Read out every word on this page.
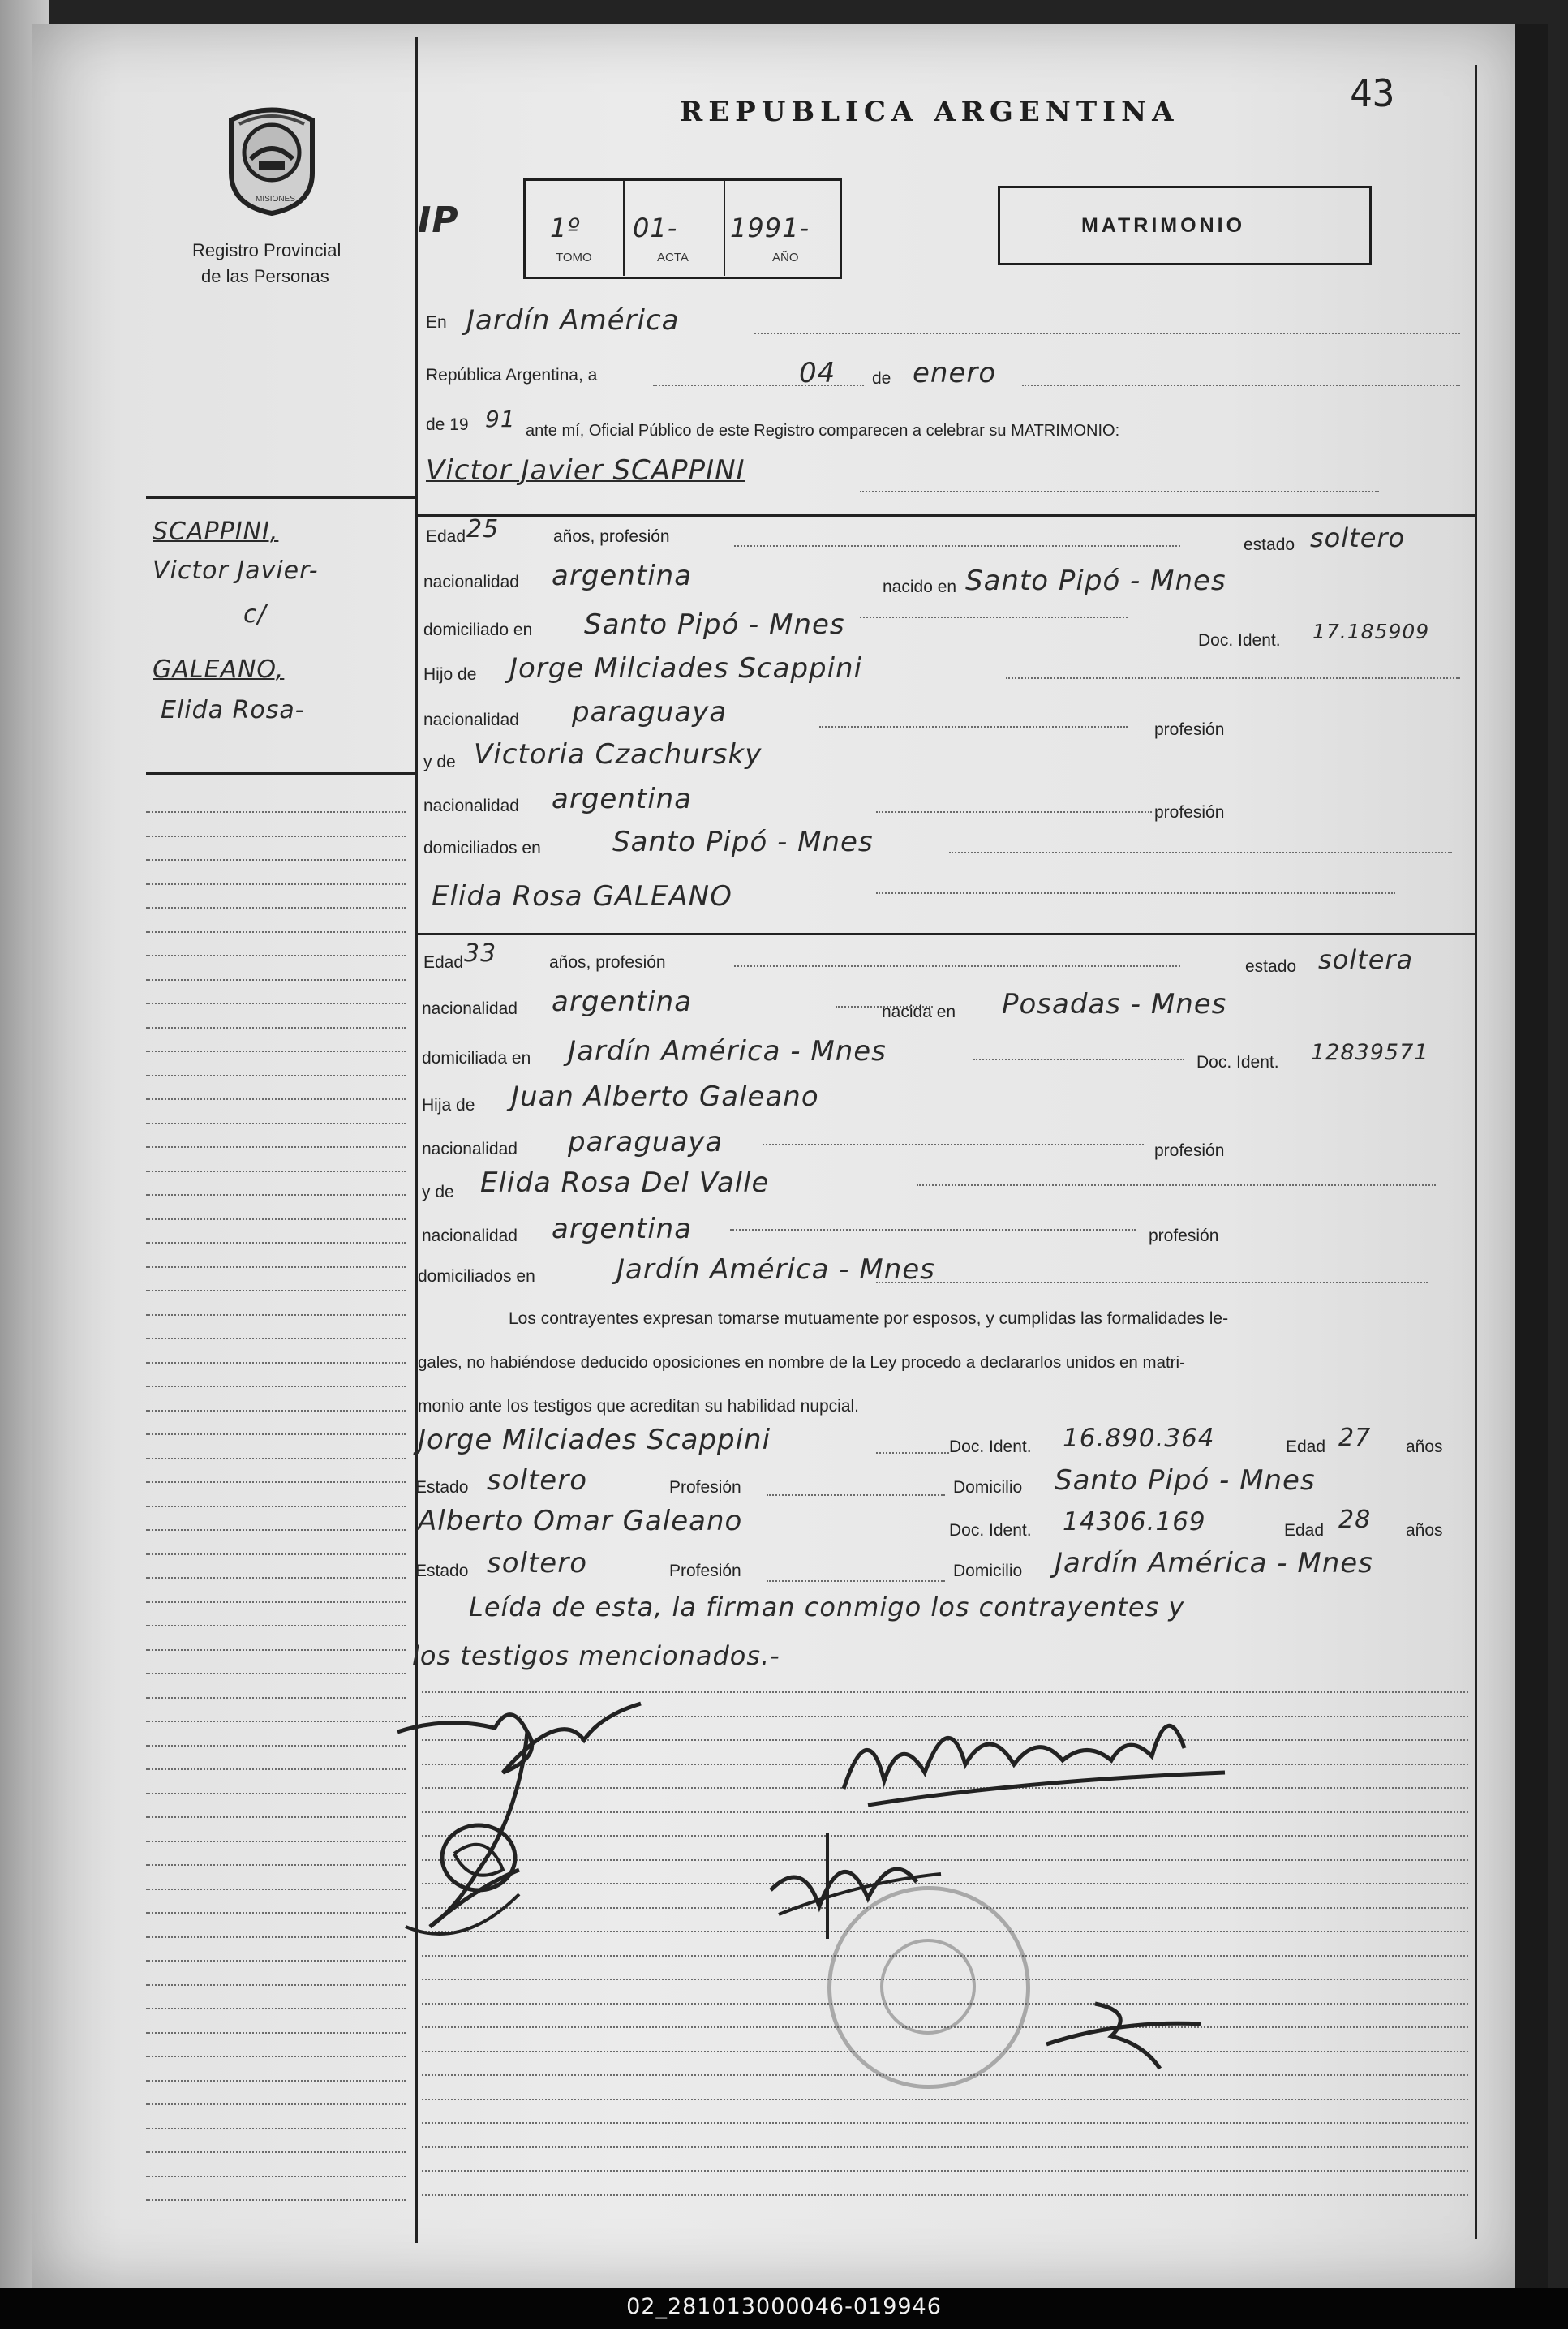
MISIONES
Registro Provincial
de las Personas
REPUBLICA ARGENTINA	43
IP	1º 01- 1991-
TOMO	ACTA	AÑO
MATRIMONIO
En Jardín América
República Argentina, a	04 de enero
de 19 91 ante mí, Oficial Público de este Registro comparecen a celebrar su MATRIMONIO:
Victor Javier SCAPPINI
SCAPPINI,
Victor Javier-
c/
GALEANO,
Elida Rosa-
Edad 25	años, profesión	estado soltero
nacionalidad argentina	nacido en Santo Pipó - Mnes
domiciliado en Santo Pipó - Mnes	Doc. Ident. 17.185909
Hijo de Jorge Milciades Scappini
nacionalidad paraguaya
profesión
y de Victoria Czachursky
nacionalidad argentina	profesión
domiciliados en	Santo Pipó - Mnes
Elida Rosa GALEANO
Edad 33	años, profesión	estado soltera
nacionalidad argentina	nacida en Posadas - Mnes
domiciliada en Jardín América - Mnes	Doc. Ident. 12839571
Hija de Juan Alberto Galeano
nacionalidad paraguaya	profesión
y de Elida Rosa Del Valle
nacionalidad argentina	profesión
domiciliados en	Jardín América - Mnes
Los contrayentes expresan tomarse mutuamente por esposos, y cumplidas las formalidades le-
gales, no habiéndose deducido oposiciones en nombre de la Ley procedo a declararlos unidos en matri-
monio ante los testigos que acreditan su habilidad nupcial.
Jorge Milciades Scappini	Doc. Ident. 16.890.364	Edad 27 años
Estado soltero	Profesión	Domicilio Santo Pipó - Mnes
Alberto Omar Galeano	Doc. Ident. 14306.169	Edad 28 años
Estado soltero	Profesión	Domicilio Jardín América - Mnes
Leída de esta, la firman conmigo los contrayentes y
los testigos mencionados.-
02_281013000046-019946
